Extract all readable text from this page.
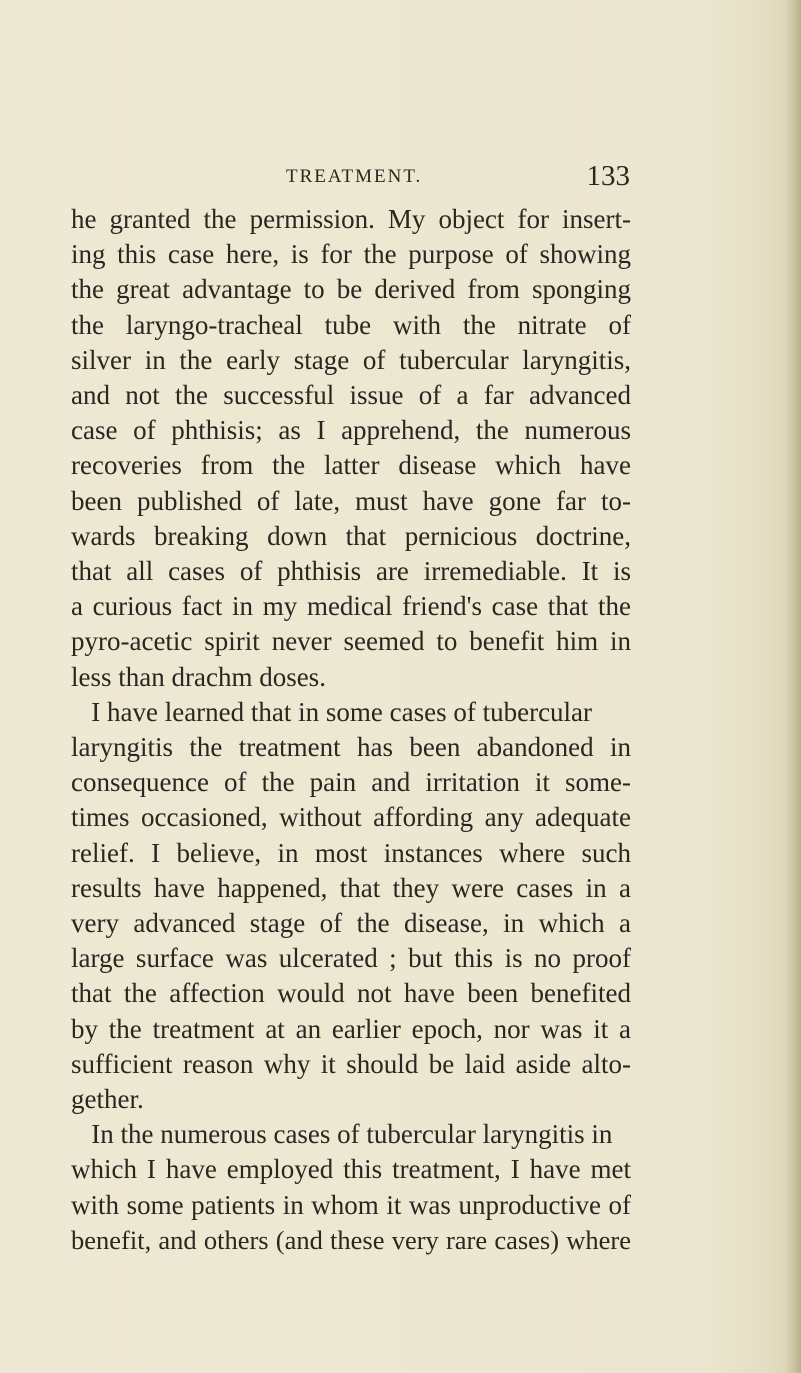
TREATMENT.	133
he granted the permission. My object for insert-
ing this case here, is for the purpose of showing
the great advantage to be derived from sponging
the laryngo-tracheal tube with the nitrate of
silver in the early stage of tubercular laryngitis,
and not the successful issue of a far advanced
case of phthisis; as I apprehend, the numerous
recoveries from the latter disease which have
been published of late, must have gone far to-
wards breaking down that pernicious doctrine,
that all cases of phthisis are irremediable. It is
a curious fact in my medical friend's case that the
pyro-acetic spirit never seemed to benefit him in
less than drachm doses.
I have learned that in some cases of tubercular
laryngitis the treatment has been abandoned in
consequence of the pain and irritation it some-
times occasioned, without affording any adequate
relief. I believe, in most instances where such
results have happened, that they were cases in a
very advanced stage of the disease, in which a
large surface was ulcerated ; but this is no proof
that the affection would not have been benefited
by the treatment at an earlier epoch, nor was it a
sufficient reason why it should be laid aside alto-
gether.
In the numerous cases of tubercular laryngitis in
which I have employed this treatment, I have met
with some patients in whom it was unproductive of
benefit, and others (and these very rare cases) where
